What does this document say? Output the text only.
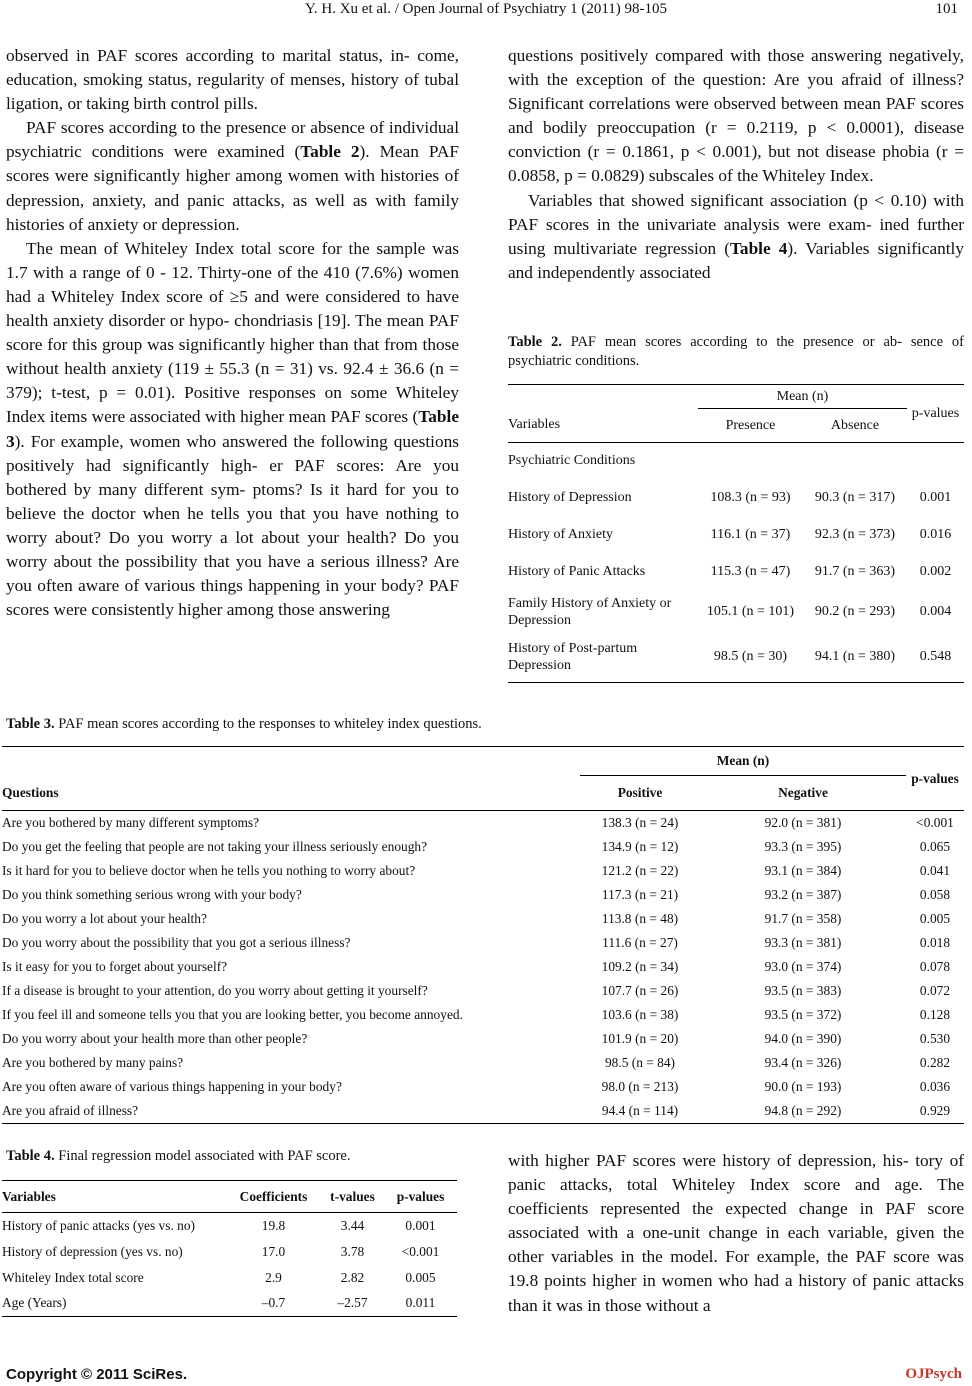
Y. H. Xu et al. / Open Journal of Psychiatry 1 (2011) 98-105	101

observed in PAF scores according to marital status, in- come, education, smoking status, regularity of menses, history of tubal ligation, or taking birth control pills.

PAF scores according to the presence or absence of individual psychiatric conditions were examined (Table 2). Mean PAF scores were significantly higher among women with histories of depression, anxiety, and panic attacks, as well as with family histories of anxiety or depression.

The mean of Whiteley Index total score for the sample was 1.7 with a range of 0 - 12. Thirty-one of the 410 (7.6%) women had a Whiteley Index score of ≥5 and were considered to have health anxiety disorder or hypo- chondriasis [19]. The mean PAF score for this group was significantly higher than that from those without health anxiety (119 ± 55.3 (n = 31) vs. 92.4 ± 36.6 (n = 379); t-test, p = 0.01). Positive responses on some Whiteley Index items were associated with higher mean PAF scores (Table 3). For example, women who answered the following questions positively had significantly high- er PAF scores: Are you bothered by many different sym- ptoms? Is it hard for you to believe the doctor when he tells you that you have nothing to worry about? Do you worry a lot about your health? Do you worry about the possibility that you have a serious illness? Are you often aware of various things happening in your body? PAF scores were consistently higher among those answering

questions positively compared with those answering negatively, with the exception of the question: Are you afraid of illness? Significant correlations were observed between mean PAF scores and bodily preoccupation (r = 0.2119, p < 0.0001), disease conviction (r = 0.1861, p < 0.001), but not disease phobia (r = 0.0858, p = 0.0829) subscales of the Whiteley Index.

Variables that showed significant association (p < 0.10) with PAF scores in the univariate analysis were exam- ined further using multivariate regression (Table 4). Variables significantly and independently associated

Table 2. PAF mean scores according to the presence or ab- sence of psychiatric conditions.
	Mean (n)		p-values
Variables	Presence	Absence	
Psychiatric Conditions			
History of Depression	108.3 (n = 93)	90.3 (n = 317)	0.001
History of Anxiety	116.1 (n = 37)	92.3 (n = 373)	0.016
History of Panic Attacks	115.3 (n = 47)	91.7 (n = 363)	0.002
Family History of Anxiety or Depression	105.1 (n = 101)	90.2 (n = 293)	0.004
History of Post-partum Depression	98.5 (n = 30)	94.1 (n = 380)	0.548
Table 3. PAF mean scores according to the responses to whiteley index questions.
	Mean (n)		p-values
Questions	Positive	Negative	
Are you bothered by many different symptoms?	138.3 (n = 24)	92.0 (n = 381)	<0.001
Do you get the feeling that people are not taking your illness seriously enough?	134.9 (n = 12)	93.3 (n = 395)	0.065
Is it hard for you to believe doctor when he tells you nothing to worry about?	121.2 (n = 22)	93.1 (n = 384)	0.041
Do you think something serious wrong with your body?	117.3 (n = 21)	93.2 (n = 387)	0.058
Do you worry a lot about your health?	113.8 (n = 48)	91.7 (n = 358)	0.005
Do you worry about the possibility that you got a serious illness?	111.6 (n = 27)	93.3 (n = 381)	0.018
Is it easy for you to forget about yourself?	109.2 (n = 34)	93.0 (n = 374)	0.078
If a disease is brought to your attention, do you worry about getting it yourself?	107.7 (n = 26)	93.5 (n = 383)	0.072
If you feel ill and someone tells you that you are looking better, you become annoyed.	103.6 (n = 38)	93.5 (n = 372)	0.128
Do you worry about your health more than other people?	101.9 (n = 20)	94.0 (n = 390)	0.530
Are you bothered by many pains?	98.5 (n = 84)	93.4 (n = 326)	0.282
Are you often aware of various things happening in your body?	98.0 (n = 213)	90.0 (n = 193)	0.036
Are you afraid of illness?	94.4 (n = 114)	94.8 (n = 292)	0.929
Table 4. Final regression model associated with PAF score.
Variables	Coefficients	t-values	p-values
History of panic attacks (yes vs. no)	19.8	3.44	0.001
History of depression (yes vs. no)	17.0	3.78	<0.001
Whiteley Index total score	2.9	2.82	0.005
Age (Years)	–0.7	–2.57	0.011

with higher PAF scores were history of depression, his- tory of panic attacks, total Whiteley Index score and age. The coefficients represented the expected change in PAF score associated with a one-unit change in each variable, given the other variables in the model. For example, the PAF score was 19.8 points higher in women who had a history of panic attacks than it was in those without a

Copyright © 2011 SciRes.	OJPsych
